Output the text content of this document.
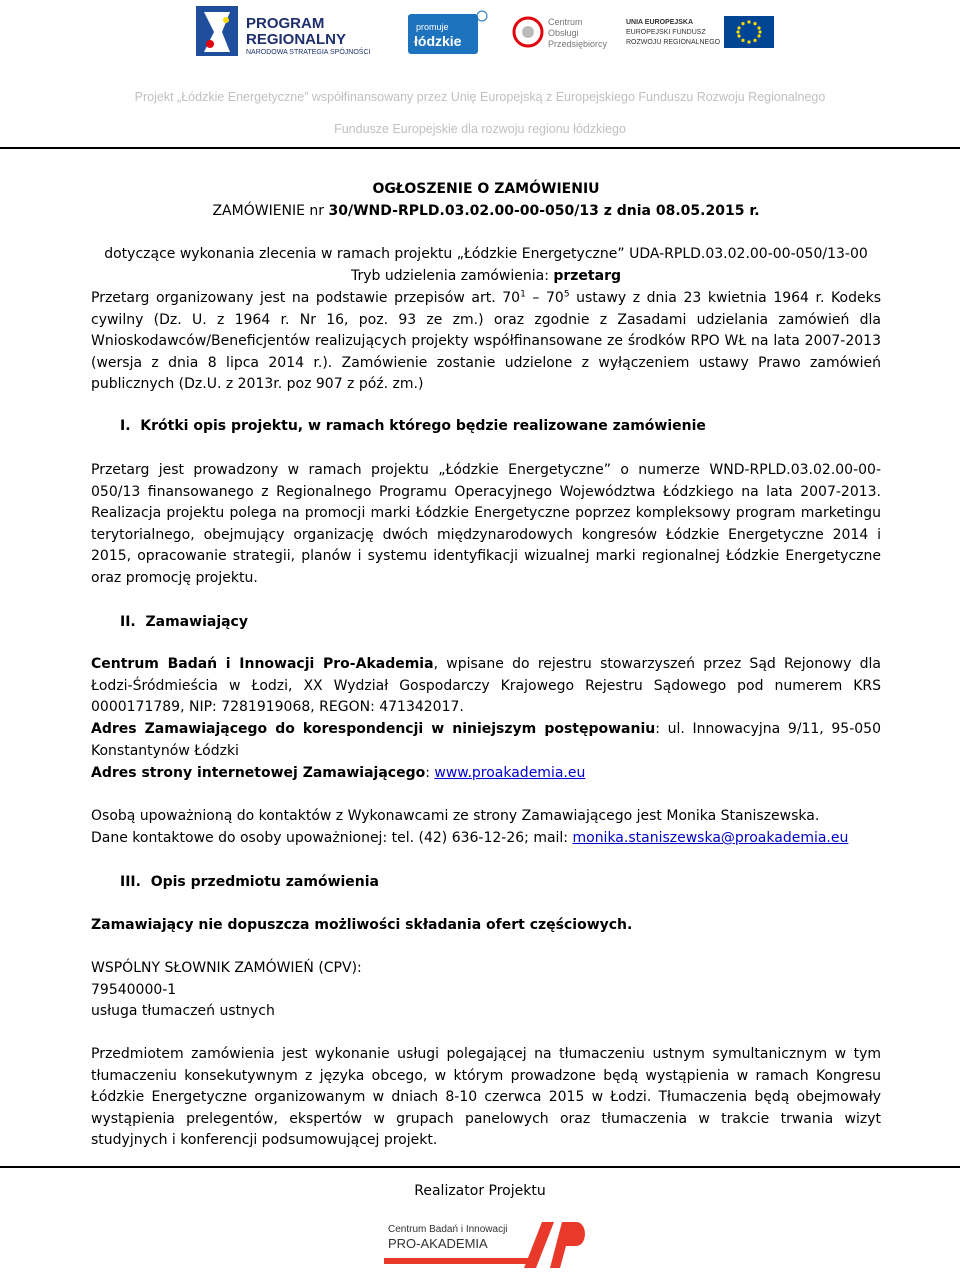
PROGRAM
REGIONALNY
NARODOWA STRATEGIA SPÓJNOŚCI
promuje
łódzkie
Centrum
Obsługi
Przedsiębiorcy
UNIA EUROPEJSKA
EUROPEJSKI FUNDUSZ
ROZWOJU REGIONALNEGO
Projekt „Łódzkie Energetyczne” współfinansowany przez Unię Europejską z Europejskiego Funduszu Rozwoju Regionalnego
Fundusze Europejskie dla rozwoju regionu łódzkiego
OGŁOSZENIE O ZAMÓWIENIU
ZAMÓWIENIE nr 30/WND-RPLD.03.02.00-00-050/13 z dnia 08.05.2015 r.
dotyczące wykonania zlecenia w ramach projektu „Łódzkie Energetyczne” UDA-RPLD.03.02.00-00-050/13-00
Tryb udzielenia zamówienia: przetarg
Przetarg organizowany jest na podstawie przepisów art. $70^1 - 70^5$ ustawy z dnia 23 kwietnia 1964 r. Kodeks cywilny (Dz. U. z 1964 r. Nr 16, poz. 93 ze zm.) oraz zgodnie z Zasadami udzielania zamówień dla Wnioskodawców/Beneficjentów realizujących projekty współfinansowane ze środków RPO WŁ na lata 2007-2013 (wersja z dnia 8 lipca 2014 r.). Zamówienie zostanie udzielone z wyłączeniem ustawy Prawo zamówień publicznych (Dz.U. z 2013r. poz 907 z póź. zm.)
I. Krótki opis projektu, w ramach którego będzie realizowane zamówienie
Przetarg jest prowadzony w ramach projektu „Łódzkie Energetyczne” o numerze WND-RPLD.03.02.00-00-050/13 finansowanego z Regionalnego Programu Operacyjnego Województwa Łódzkiego na lata 2007-2013. Realizacja projektu polega na promocji marki Łódzkie Energetyczne poprzez kompleksowy program marketingu terytorialnego, obejmujący organizację dwóch międzynarodowych kongresów Łódzkie Energetyczne 2014 i 2015, opracowanie strategii, planów i systemu identyfikacji wizualnej marki regionalnej Łódzkie Energetyczne oraz promocję projektu.
II. Zamawiający
Centrum Badań i Innowacji Pro-Akademia, wpisane do rejestru stowarzyszeń przez Sąd Rejonowy dla Łodzi-Śródmieścia w Łodzi, XX Wydział Gospodarczy Krajowego Rejestru Sądowego pod numerem KRS 0000171789, NIP: 7281919068, REGON: 471342017.
Adres Zamawiającego do korespondencji w niniejszym postępowaniu: ul. Innowacyjna 9/11, 95-050 Konstantynów Łódzki
Adres strony internetowej Zamawiającego: www.proakademia.eu
Osobą upoważnioną do kontaktów z Wykonawcami ze strony Zamawiającego jest Monika Staniszewska.
Dane kontaktowe do osoby upoważnionej: tel. (42) 636-12-26; mail: monika.staniszewska@proakademia.eu
III. Opis przedmiotu zamówienia
Zamawiający nie dopuszcza możliwości składania ofert częściowych.
WSPÓLNY SŁOWNIK ZAMÓWIEŃ (CPV):
79540000-1
usługa tłumaczeń ustnych
Przedmiotem zamówienia jest wykonanie usługi polegającej na tłumaczeniu ustnym symultanicznym w tym tłumaczeniu konsekutywnym z języka obcego, w którym prowadzone będą wystąpienia w ramach Kongresu Łódzkie Energetyczne organizowanym w dniach 8-10 czerwca 2015 w Łodzi. Tłumaczenia będą obejmowały wystąpienia prelegentów, ekspertów w grupach panelowych oraz tłumaczenia w trakcie trwania wizyt studyjnych i konferencji podsumowującej projekt.
Realizator Projektu
Centrum Badań i Innowacji
PRO-AKADEMIA
